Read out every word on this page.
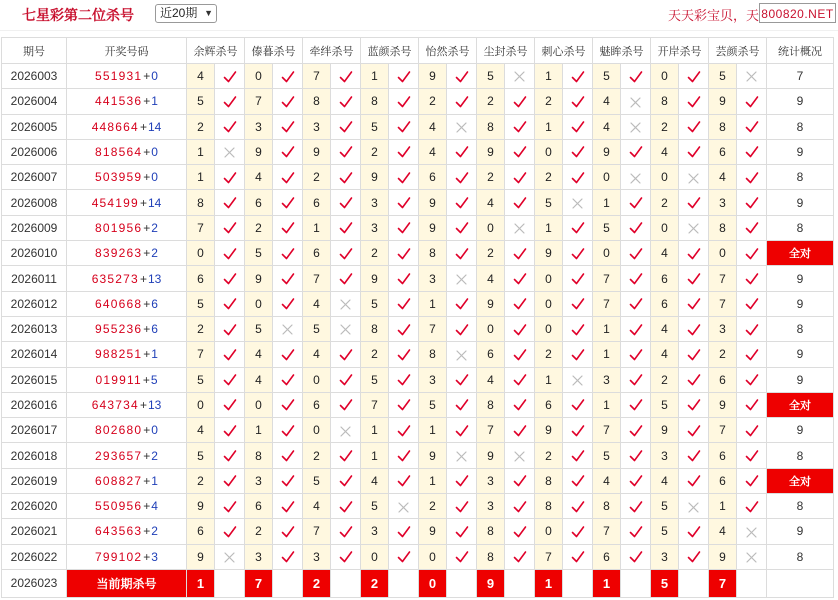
七星彩第二位杀号	近20期 ▼	天天彩宝贝，天 800820.NET
期号	开奖号码	余辉杀号		傣暮杀号		牵绊杀号		蓝颜杀号		怡然杀号		尘封杀号		刺心杀号		魅眸杀号		开岸杀号		芸颜杀号		统计概况
2026003	551931+0	4		0		7		1		9		5		1		5		0		5		7
2026004	441536+1	5		7		8		8		2		2		2		4		8		9		9
2026005	448664+14	2		3		3		5		4		8		1		4		2		8		8
2026006	818564+0	1		9		9		2		4		9		0		9		4		6		9
2026007	503959+0	1		4		2		9		6		2		2		0		0		4		8
2026008	454199+14	8		6		6		3		9		4		5		1		2		3		9
2026009	801956+2	7		2		1		3		9		0		1		5		0		8		8
2026010	839263+2	0		5		6		2		8		2		9		0		4		0		全对
2026011	635273+13	6		9		7		9		3		4		0		7		6		7		9
2026012	640668+6	5		0		4		5		1		9		0		7		6		7		9
2026013	955236+6	2		5		5		8		7		0		0		1		4		3		8
2026014	988251+1	7		4		4		2		8		6		2		1		4		2		9
2026015	019911+5	5		4		0		5		3		4		1		3		2		6		9
2026016	643734+13	0		0		6		7		5		8		6		1		5		9		全对
2026017	802680+0	4		1		0		1		1		7		9		7		9		7		9
2026018	293657+2	5		8		2		1		9		9		2		5		3		6		8
2026019	608827+1	2		3		5		4		1		3		8		4		4		6		全对
2026020	550956+4	9		6		4		5		2		3		8		8		5		1		8
2026021	643563+2	6		2		7		3		9		8		0		7		5		4		9
2026022	799102+3	9		3		3		0		0		8		7		6		3		9		8
2026023	当前期杀号	1		7		2		2		0		9		1		1		5		7		
